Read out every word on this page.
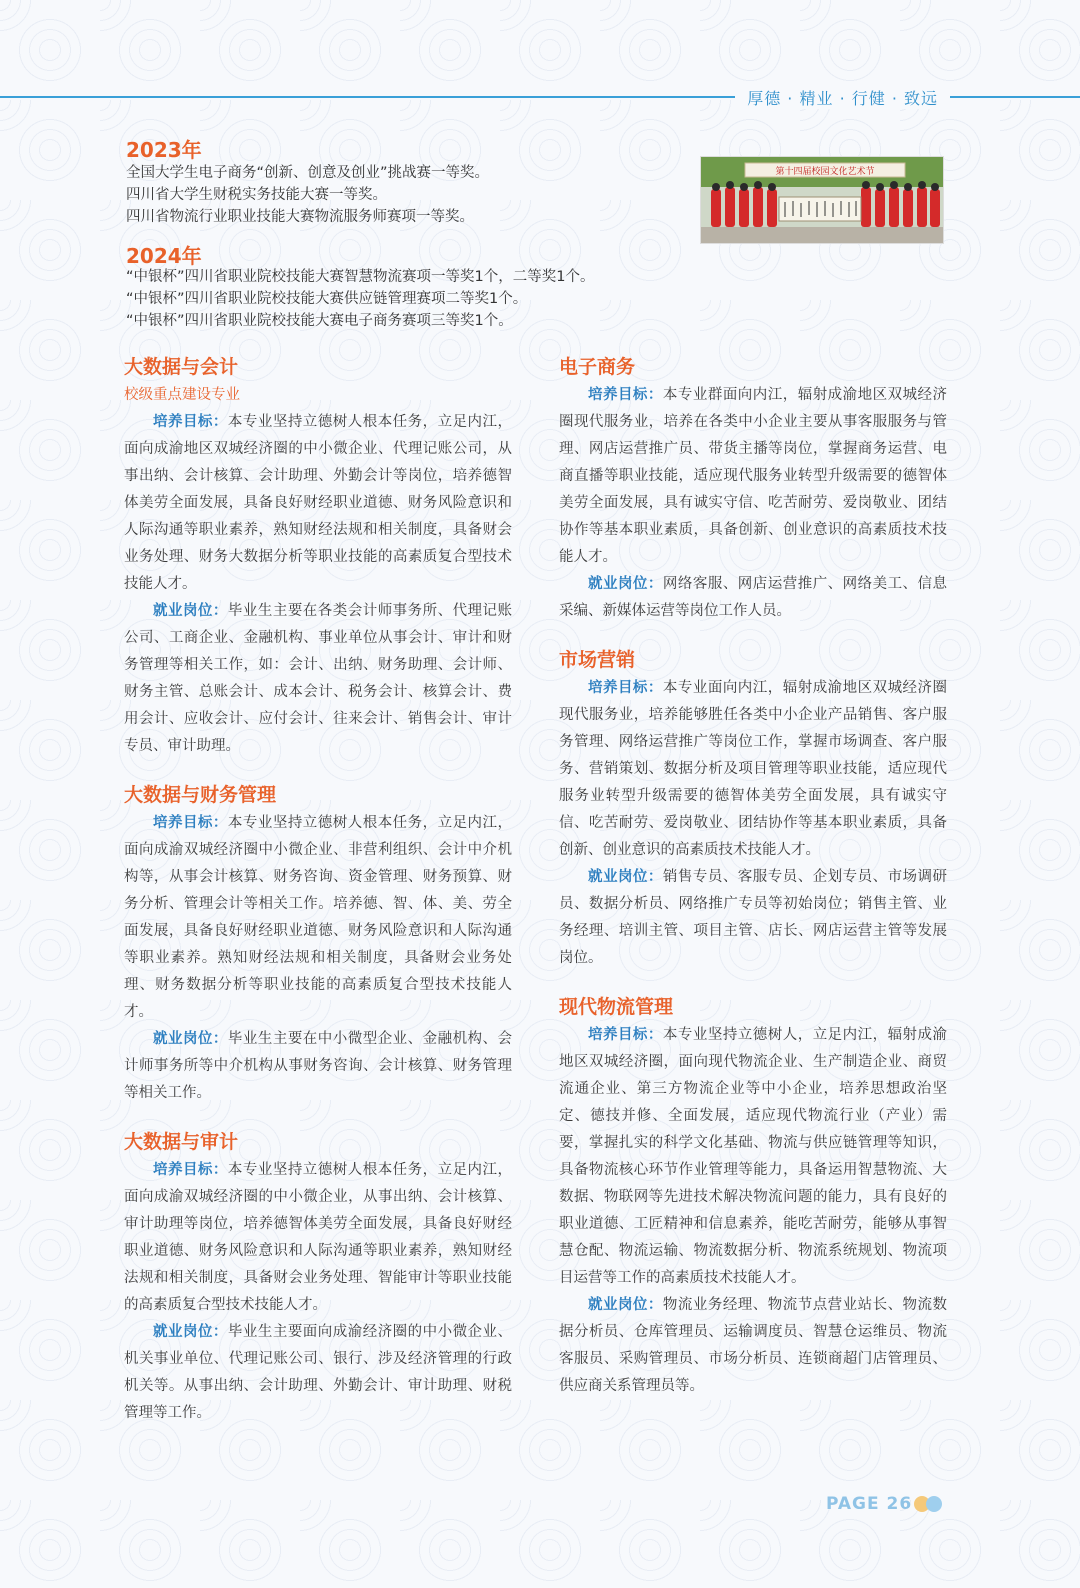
厚德 · 精业 · 行健 · 致远
2023年
全国大学生电子商务“创新、创意及创业”挑战赛一等奖。
四川省大学生财税实务技能大赛一等奖。
四川省物流行业职业技能大赛物流服务师赛项一等奖。
2024年
“中银杯”四川省职业院校技能大赛智慧物流赛项一等奖1个，二等奖1个。
“中银杯”四川省职业院校技能大赛供应链管理赛项二等奖1个。
“中银杯”四川省职业院校技能大赛电子商务赛项三等奖1个。
第十四届校园文化艺术节
大数据与会计

校级重点建设专业

培养目标：本专业坚持立德树人根本任务，立足内江，面向成渝地区双城经济圈的中小微企业、代理记账公司，从事出纳、会计核算、会计助理、外勤会计等岗位，培养德智体美劳全面发展，具备良好财经职业道德、财务风险意识和人际沟通等职业素养，熟知财经法规和相关制度，具备财会业务处理、财务大数据分析等职业技能的高素质复合型技术技能人才。

就业岗位：毕业生主要在各类会计师事务所、代理记账公司、工商企业、金融机构、事业单位从事会计、审计和财务管理等相关工作，如：会计、出纳、财务助理、会计师、财务主管、总账会计、成本会计、税务会计、核算会计、费用会计、应收会计、应付会计、往来会计、销售会计、审计专员、审计助理。

大数据与财务管理

培养目标：本专业坚持立德树人根本任务，立足内江，面向成渝双城经济圈中小微企业、非营利组织、会计中介机构等，从事会计核算、财务咨询、资金管理、财务预算、财务分析、管理会计等相关工作。培养德、智、体、美、劳全面发展，具备良好财经职业道德、财务风险意识和人际沟通等职业素养。熟知财经法规和相关制度，具备财会业务处理、财务数据分析等职业技能的高素质复合型技术技能人才。

就业岗位：毕业生主要在中小微型企业、金融机构、会计师事务所等中介机构从事财务咨询、会计核算、财务管理等相关工作。

大数据与审计

培养目标：本专业坚持立德树人根本任务，立足内江，面向成渝双城经济圈的中小微企业，从事出纳、会计核算、审计助理等岗位，培养德智体美劳全面发展，具备良好财经职业道德、财务风险意识和人际沟通等职业素养，熟知财经法规和相关制度，具备财会业务处理、智能审计等职业技能的高素质复合型技术技能人才。

就业岗位：毕业生主要面向成渝经济圈的中小微企业、机关事业单位、代理记账公司、银行、涉及经济管理的行政机关等。从事出纳、会计助理、外勤会计、审计助理、财税管理等工作。

电子商务

培养目标：本专业群面向内江，辐射成渝地区双城经济圈现代服务业，培养在各类中小企业主要从事客服服务与管理、网店运营推广员、带货主播等岗位，掌握商务运营、电商直播等职业技能，适应现代服务业转型升级需要的德智体美劳全面发展，具有诚实守信、吃苦耐劳、爱岗敬业、团结协作等基本职业素质，具备创新、创业意识的高素质技术技能人才。

就业岗位：网络客服、网店运营推广、网络美工、信息采编、新媒体运营等岗位工作人员。

市场营销

培养目标：本专业面向内江，辐射成渝地区双城经济圈现代服务业，培养能够胜任各类中小企业产品销售、客户服务管理、网络运营推广等岗位工作，掌握市场调查、客户服务、营销策划、数据分析及项目管理等职业技能，适应现代服务业转型升级需要的德智体美劳全面发展，具有诚实守信、吃苦耐劳、爱岗敬业、团结协作等基本职业素质，具备创新、创业意识的高素质技术技能人才。

就业岗位：销售专员、客服专员、企划专员、市场调研员、数据分析员、网络推广专员等初始岗位；销售主管、业务经理、培训主管、项目主管、店长、网店运营主管等发展岗位。

现代物流管理

培养目标：本专业坚持立德树人，立足内江，辐射成渝地区双城经济圈，面向现代物流企业、生产制造企业、商贸流通企业、第三方物流企业等中小企业，培养思想政治坚定、德技并修、全面发展，适应现代物流行业（产业）需要，掌握扎实的科学文化基础、物流与供应链管理等知识，具备物流核心环节作业管理等能力，具备运用智慧物流、大数据、物联网等先进技术解决物流问题的能力，具有良好的职业道德、工匠精神和信息素养，能吃苦耐劳，能够从事智慧仓配、物流运输、物流数据分析、物流系统规划、物流项目运营等工作的高素质技术技能人才。

就业岗位：物流业务经理、物流节点营业站长、物流数据分析员、仓库管理员、运输调度员、智慧仓运维员、物流客服员、采购管理员、市场分析员、连锁商超门店管理员、供应商关系管理员等。

PAGE 26
